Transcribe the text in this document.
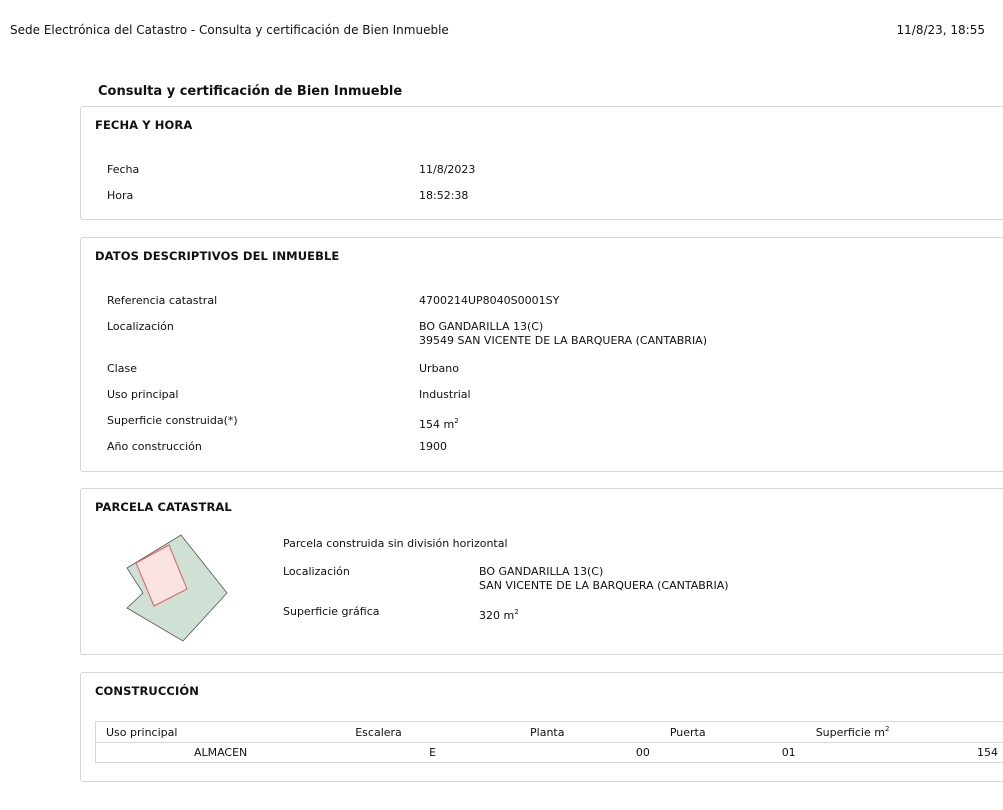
Sede Electrónica del Catastro - Consulta y certificación de Bien Inmueble	11/8/23, 18:55
Consulta y certificación de Bien Inmueble
FECHA Y HORA
Fecha	11/8/2023
Hora	18:52:38
DATOS DESCRIPTIVOS DEL INMUEBLE
Referencia catastral	4700214UP8040S0001SY
Localización	BO GANDARILLA 13(C)
39549 SAN VICENTE DE LA BARQUERA (CANTABRIA)
Clase	Urbano
Uso principal	Industrial
Superficie construida(*)	154 $m^2$
Año construcción	1900
PARCELA CATASTRAL
Parcela construida sin división horizontal
Localización	BO GANDARILLA 13(C)
SAN VICENTE DE LA BARQUERA (CANTABRIA)
Superficie gráfica	320 $m^2$
CONSTRUCCIÓN
Uso principal	Escalera	Planta	Puerta	Superficie $m^2$
ALMACEN	E	00	01	154
